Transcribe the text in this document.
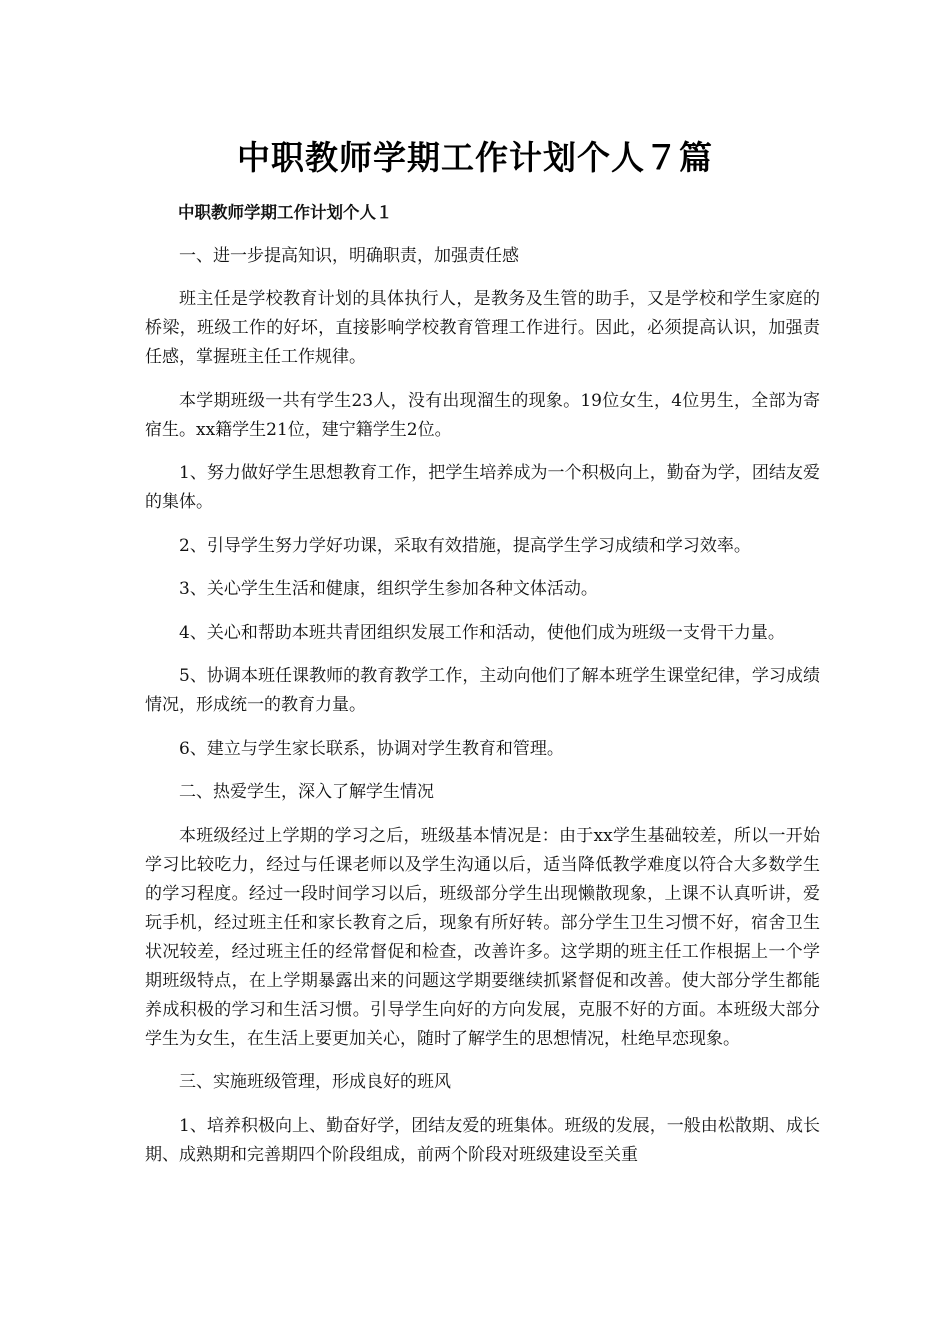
中职教师学期工作计划个人７篇

中职教师学期工作计划个人１

一、进一步提高知识，明确职责，加强责任感

班主任是学校教育计划的具体执行人，是教务及生管的助手，又是学校和学生家庭的桥梁，班级工作的好坏，直接影响学校教育管理工作进行。因此，必须提高认识，加强责任感，掌握班主任工作规律。

本学期班级一共有学生23人，没有出现溜生的现象。19位女生，4位男生，全部为寄宿生。xx籍学生21位，建宁籍学生2位。

1、努力做好学生思想教育工作，把学生培养成为一个积极向上，勤奋为学，团结友爱的集体。

2、引导学生努力学好功课，采取有效措施，提高学生学习成绩和学习效率。

3、关心学生生活和健康，组织学生参加各种文体活动。

4、关心和帮助本班共青团组织发展工作和活动，使他们成为班级一支骨干力量。

5、协调本班任课教师的教育教学工作，主动向他们了解本班学生课堂纪律，学习成绩情况，形成统一的教育力量。

6、建立与学生家长联系，协调对学生教育和管理。

二、热爱学生，深入了解学生情况

本班级经过上学期的学习之后，班级基本情况是：由于xx学生基础较差，所以一开始学习比较吃力，经过与任课老师以及学生沟通以后，适当降低教学难度以符合大多数学生的学习程度。经过一段时间学习以后，班级部分学生出现懒散现象，上课不认真听讲，爱玩手机，经过班主任和家长教育之后，现象有所好转。部分学生卫生习惯不好，宿舍卫生状况较差，经过班主任的经常督促和检查，改善许多。这学期的班主任工作根据上一个学期班级特点，在上学期暴露出来的问题这学期要继续抓紧督促和改善。使大部分学生都能养成积极的学习和生活习惯。引导学生向好的方向发展，克服不好的方面。本班级大部分学生为女生，在生活上要更加关心，随时了解学生的思想情况，杜绝早恋现象。

三、实施班级管理，形成良好的班风

1、培养积极向上、勤奋好学，团结友爱的班集体。班级的发展，一般由松散期、成长期、成熟期和完善期四个阶段组成，前两个阶段对班级建设至关重
